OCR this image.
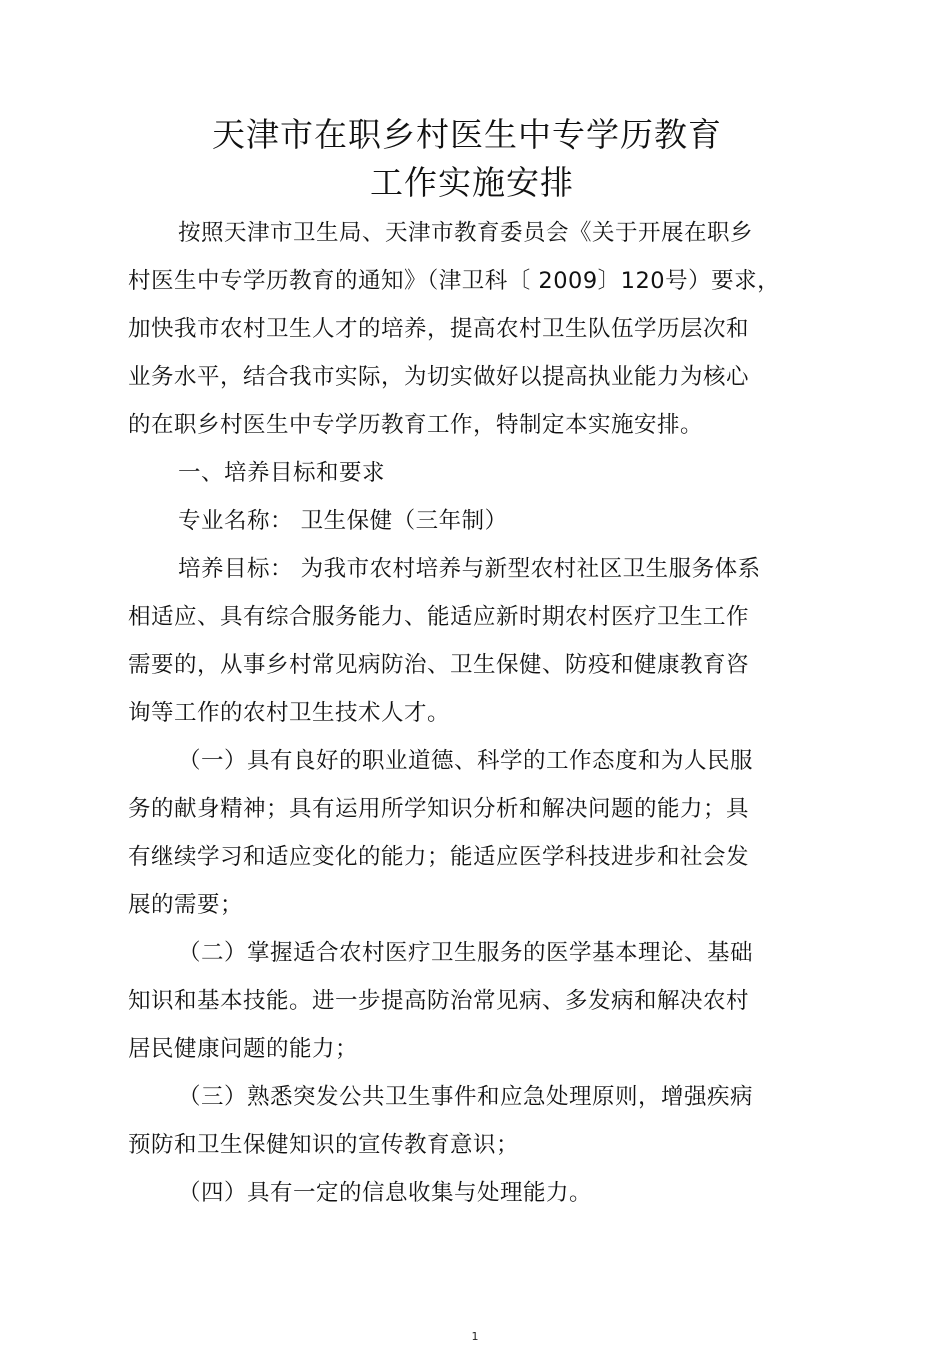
天津市在职乡村医生中专学历教育
工作实施安排
按照天津市卫生局、天津市教育委员会《关于开展在职乡
村医生中专学历教育的通知》（津卫科〔 2009〕120号）要求，
加快我市农村卫生人才的培养，提高农村卫生队伍学历层次和
业务水平，结合我市实际，为切实做好以提高执业能力为核心
的在职乡村医生中专学历教育工作，特制定本实施安排。
一、培养目标和要求
专业名称： 卫生保健（三年制）
培养目标： 为我市农村培养与新型农村社区卫生服务体系
相适应、具有综合服务能力、能适应新时期农村医疗卫生工作
需要的，从事乡村常见病防治、卫生保健、防疫和健康教育咨
询等工作的农村卫生技术人才。
（一）具有良好的职业道德、科学的工作态度和为人民服
务的献身精神；具有运用所学知识分析和解决问题的能力；具
有继续学习和适应变化的能力；能适应医学科技进步和社会发
展的需要；
（二）掌握适合农村医疗卫生服务的医学基本理论、基础
知识和基本技能。进一步提高防治常见病、多发病和解决农村
居民健康问题的能力；
（三）熟悉突发公共卫生事件和应急处理原则，增强疾病
预防和卫生保健知识的宣传教育意识；
（四）具有一定的信息收集与处理能力。
1
